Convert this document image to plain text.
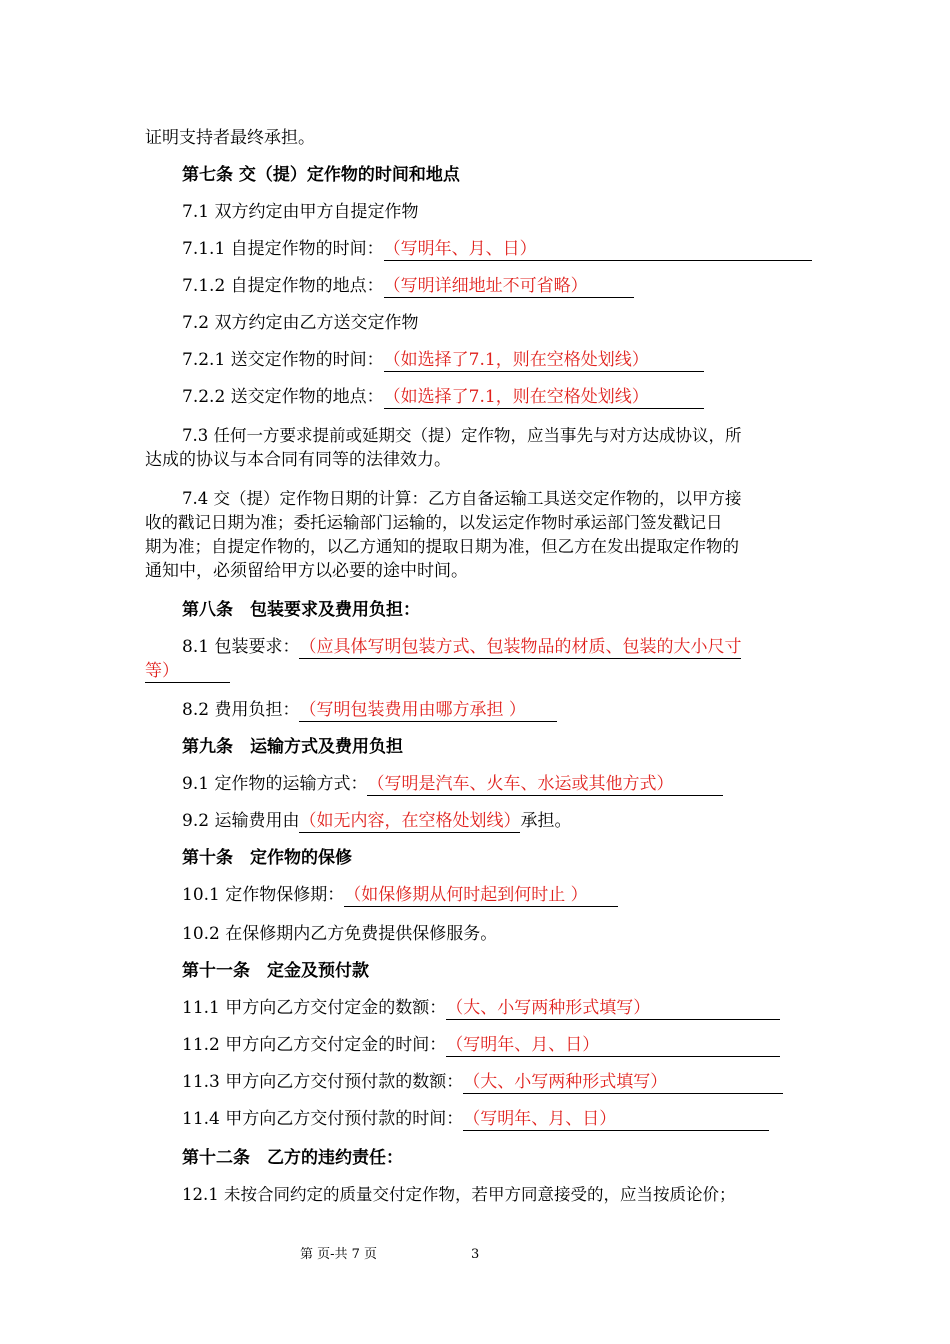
证明支持者最终承担。
第七条 交（提）定作物的时间和地点
7.1 双方约定由甲方自提定作物
7.1.1 自提定作物的时间：（写明年、月、日）
7.1.2 自提定作物的地点：（写明详细地址不可省略）
7.2 双方约定由乙方送交定作物
7.2.1 送交定作物的时间：（如选择了7.1，则在空格处划线）
7.2.2 送交定作物的地点：（如选择了7.1，则在空格处划线）
7.3 任何一方要求提前或延期交（提）定作物，应当事先与对方达成协议，所
达成的协议与本合同有同等的法律效力。
7.4 交（提）定作物日期的计算：乙方自备运输工具送交定作物的，以甲方接
收的戳记日期为准；委托运输部门运输的，以发运定作物时承运部门签发戳记日
期为准；自提定作物的，以乙方通知的提取日期为准，但乙方在发出提取定作物的
通知中，必须留给甲方以必要的途中时间。
第八条　包装要求及费用负担：
8.1 包装要求：（应具体写明包装方式、包装物品的材质、包装的大小尺寸
等）
8.2 费用负担：（写明包装费用由哪方承担 ）
第九条　运输方式及费用负担
9.1 定作物的运输方式：（写明是汽车、火车、水运或其他方式）
9.2 运输费用由（如无内容，在空格处划线）承担。
第十条　定作物的保修
10.1 定作物保修期：（如保修期从何时起到何时止 ）
10.2 在保修期内乙方免费提供保修服务。
第十一条　定金及预付款
11.1 甲方向乙方交付定金的数额：（大、小写两种形式填写）
11.2 甲方向乙方交付定金的时间：（写明年、月、日）
11.3 甲方向乙方交付预付款的数额：（大、小写两种形式填写）
11.4 甲方向乙方交付预付款的时间：（写明年、月、日）
第十二条　乙方的违约责任：
12.1 未按合同约定的质量交付定作物，若甲方同意接受的，应当按质论价；
第 页-共 7 页	3
